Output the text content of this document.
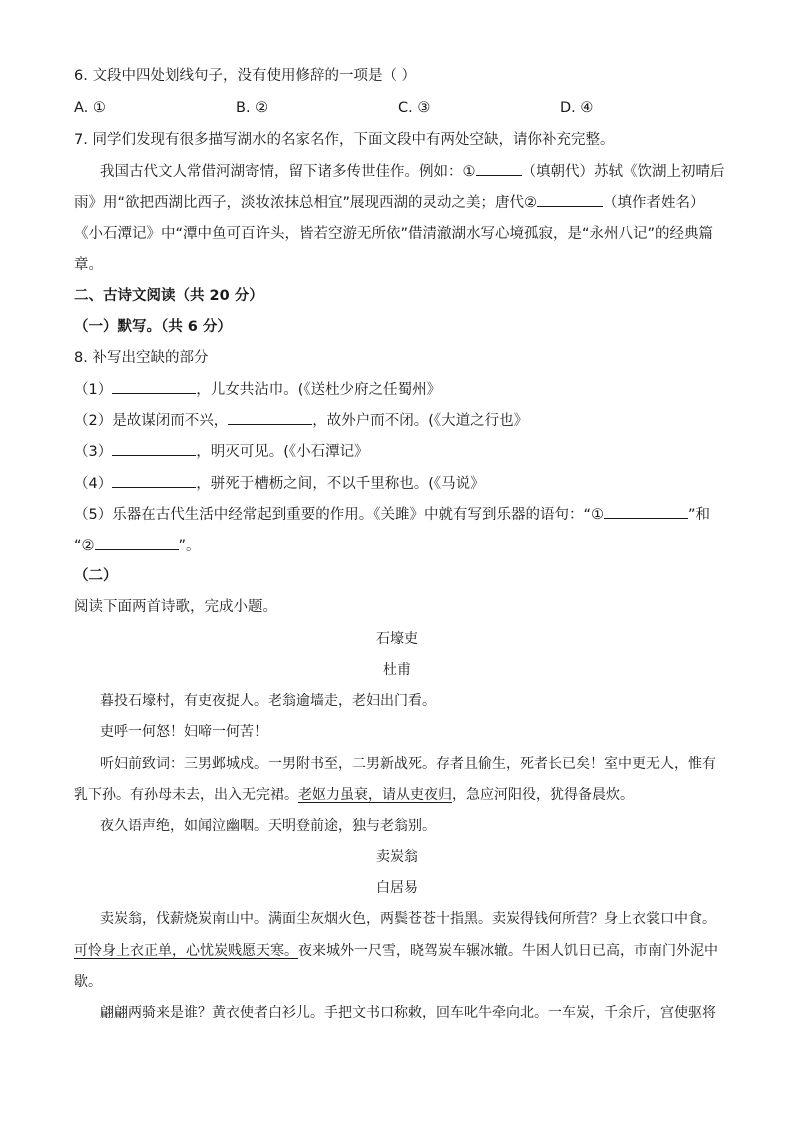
6. 文段中四处划线句子，没有使用修辞的一项是（ ）
A. ①	B. ②	C. ③	D. ④
7. 同学们发现有很多描写湖水的名家名作，下面文段中有两处空缺，请你补充完整。
我国古代文人常借河湖寄情，留下诸多传世佳作。例如：①	（填朝代）苏轼《饮湖上初晴后
雨》用“欲把西湖比西子，淡妆浓抹总相宜”展现西湖的灵动之美；唐代②	（填作者姓名）
《小石潭记》中“潭中鱼可百许头，皆若空游无所依”借清澈湖水写心境孤寂，是“永州八记”的经典篇
章。
二、古诗文阅读（共 20 分）
（一）默写。（共 6 分）
8. 补写出空缺的部分
（1）	，儿女共沾巾。(《送杜少府之任蜀州》
（2）是故谋闭而不兴，	，故外户而不闭。(《大道之行也》
（3）	，明灭可见。(《小石潭记》
（4）	，骈死于槽枥之间，不以千里称也。(《马说》
（5）乐器在古代生活中经常起到重要的作用。《关雎》中就有写到乐器的语句：“①	”和
“②	”。
（二）
阅读下面两首诗歌，完成小题。
石壕吏
杜甫
暮投石壕村，有吏夜捉人。老翁逾墙走，老妇出门看。
吏呼一何怒！妇啼一何苦！
听妇前致词：三男邺城戍。一男附书至，二男新战死。存者且偷生，死者长已矣！室中更无人，惟有
乳下孙。有孙母未去，出入无完裙。老妪力虽衰，请从吏夜归，急应河阳役，犹得备晨炊。
夜久语声绝，如闻泣幽咽。天明登前途，独与老翁别。
卖炭翁
白居易
卖炭翁，伐薪烧炭南山中。满面尘灰烟火色，两鬓苍苍十指黑。卖炭得钱何所营？身上衣裳口中食。
可怜身上衣正单，心忧炭贱愿天寒。夜来城外一尺雪，晓驾炭车辗冰辙。牛困人饥日已高，市南门外泥中
歇。
翩翩两骑来是谁？黄衣使者白衫儿。手把文书口称敕，回车叱牛牵向北。一车炭，千余斤，宫使驱将
